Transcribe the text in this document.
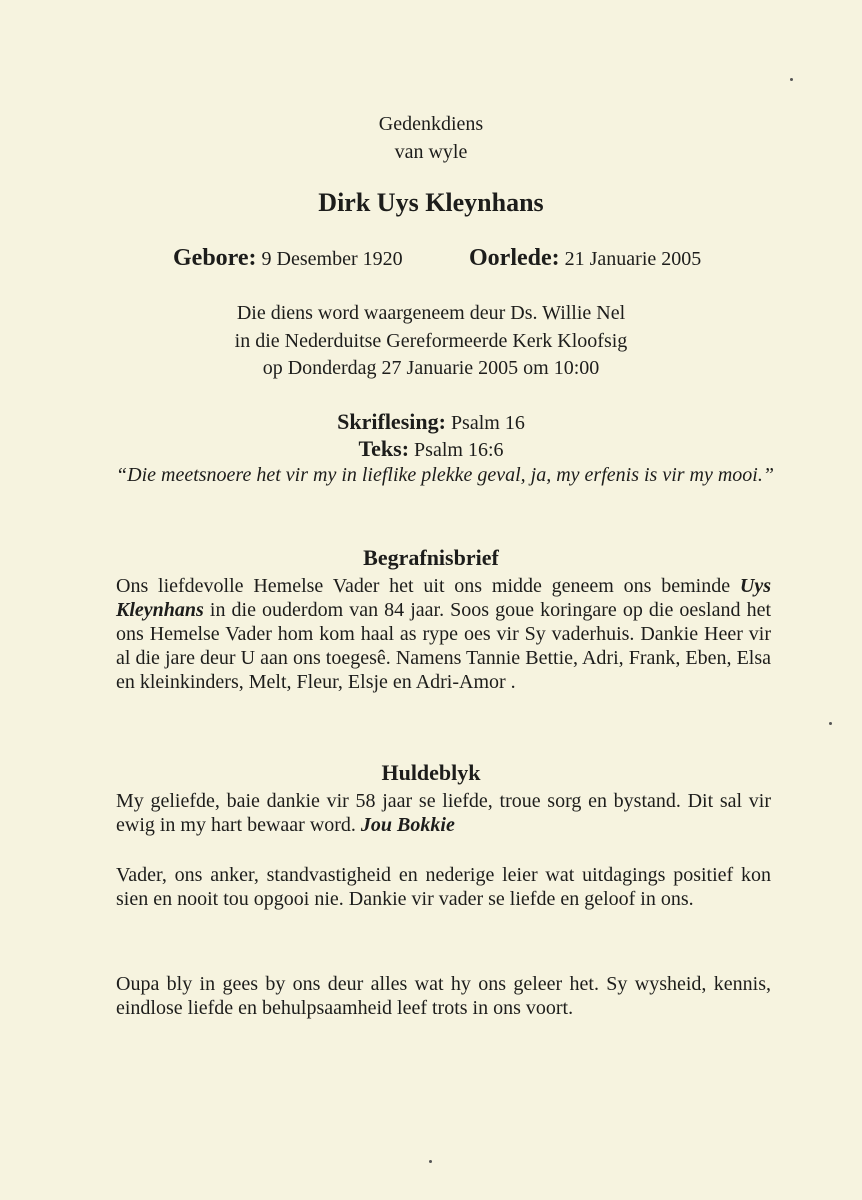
Gedenkdiens
van wyle
Dirk Uys Kleynhans
Gebore: 9 Desember 1920	Oorlede: 21 Januarie 2005
Die diens word waargeneem deur Ds. Willie Nel
in die Nederduitse Gereformeerde Kerk Kloofsig
op Donderdag 27 Januarie 2005 om 10:00
Skriflesing: Psalm 16
Teks: Psalm 16:6
“Die meetsnoere het vir my in lieflike plekke geval, ja, my erfenis is vir my mooi.”
Begrafnisbrief
Ons liefdevolle Hemelse Vader het uit ons midde geneem ons beminde Uys Kleynhans in die ouderdom van 84 jaar. Soos goue koringare op die oesland het ons Hemelse Vader hom kom haal as rype oes vir Sy vaderhuis. Dankie Heer vir al die jare deur U aan ons toegesê. Namens Tannie Bettie, Adri, Frank, Eben, Elsa en kleinkinders, Melt, Fleur, Elsje en Adri-Amor .
Huldeblyk
My geliefde, baie dankie vir 58 jaar se liefde, troue sorg en bystand. Dit sal vir ewig in my hart bewaar word. Jou Bokkie
Vader, ons anker, standvastigheid en nederige leier wat uitdagings positief kon sien en nooit tou opgooi nie. Dankie vir vader se liefde en geloof in ons.
Oupa bly in gees by ons deur alles wat hy ons geleer het. Sy wysheid, kennis, eindlose liefde en behulpsaamheid leef trots in ons voort.
